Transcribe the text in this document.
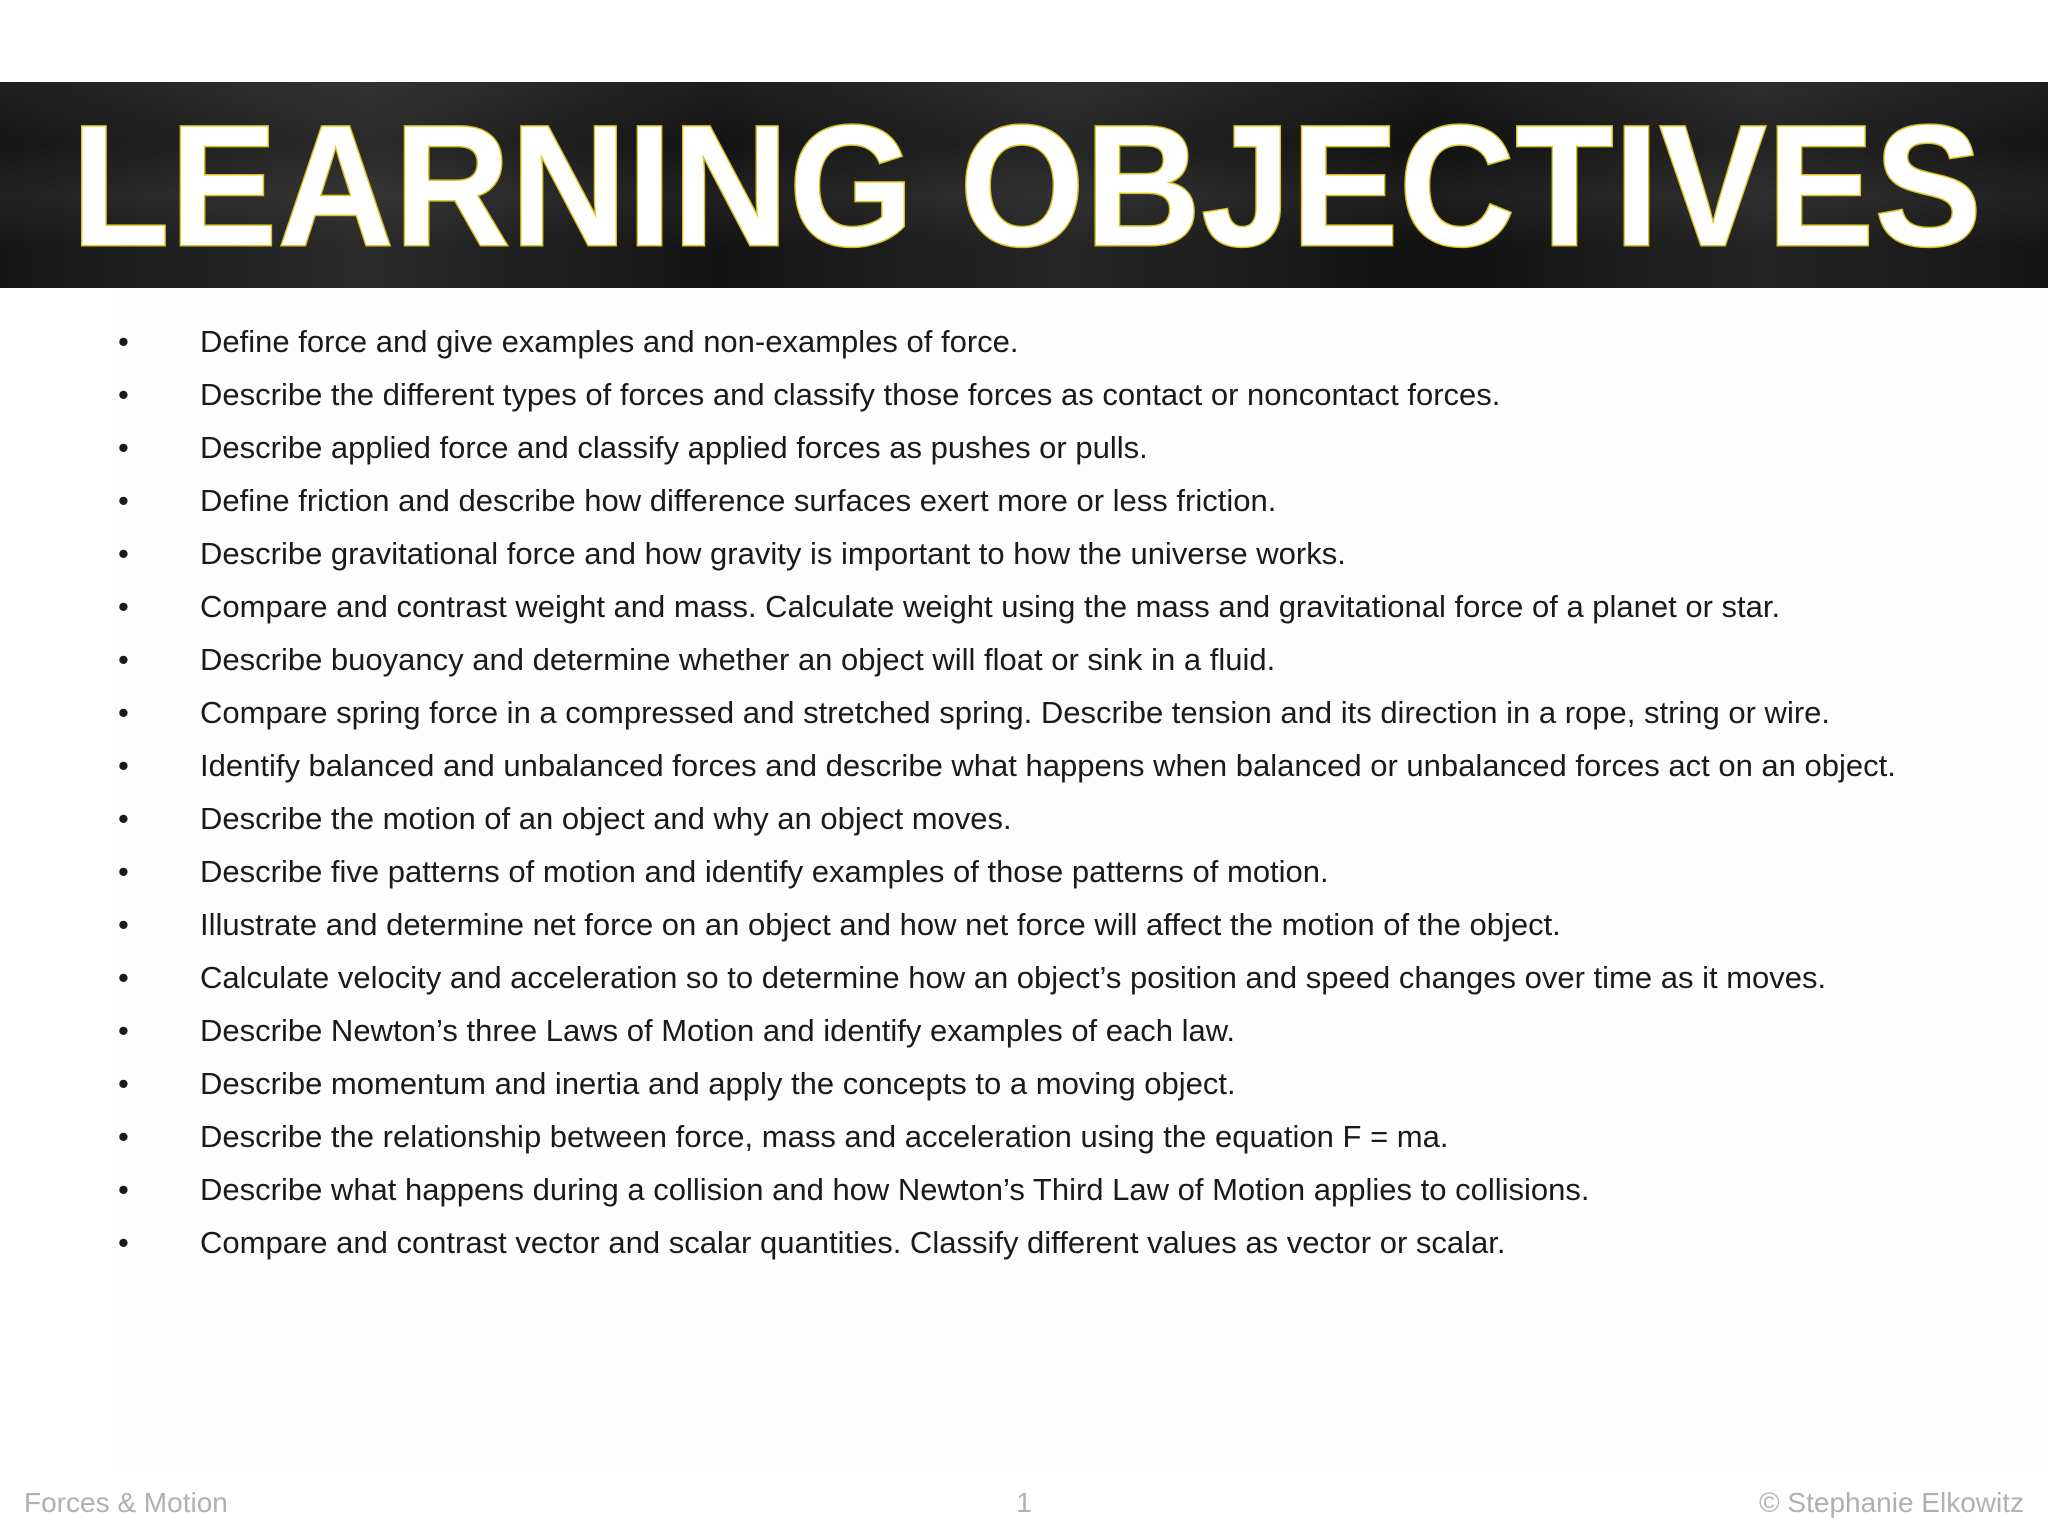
LEARNING OBJECTIVES
• Define force and give examples and non-examples of force.
• Describe the different types of forces and classify those forces as contact or noncontact forces.
• Describe applied force and classify applied forces as pushes or pulls.
• Define friction and describe how difference surfaces exert more or less friction.
• Describe gravitational force and how gravity is important to how the universe works.
• Compare and contrast weight and mass. Calculate weight using the mass and gravitational force of a planet or star.
• Describe buoyancy and determine whether an object will float or sink in a fluid.
• Compare spring force in a compressed and stretched spring. Describe tension and its direction in a rope, string or wire.
• Identify balanced and unbalanced forces and describe what happens when balanced or unbalanced forces act on an object.
• Describe the motion of an object and why an object moves.
• Describe five patterns of motion and identify examples of those patterns of motion.
• Illustrate and determine net force on an object and how net force will affect the motion of the object.
• Calculate velocity and acceleration so to determine how an object’s position and speed changes over time as it moves.
• Describe Newton’s three Laws of Motion and identify examples of each law.
• Describe momentum and inertia and apply the concepts to a moving object.
• Describe the relationship between force, mass and acceleration using the equation F = ma.
• Describe what happens during a collision and how Newton’s Third Law of Motion applies to collisions.
• Compare and contrast vector and scalar quantities. Classify different values as vector or scalar.
Forces & Motion	1	© Stephanie Elkowitz
